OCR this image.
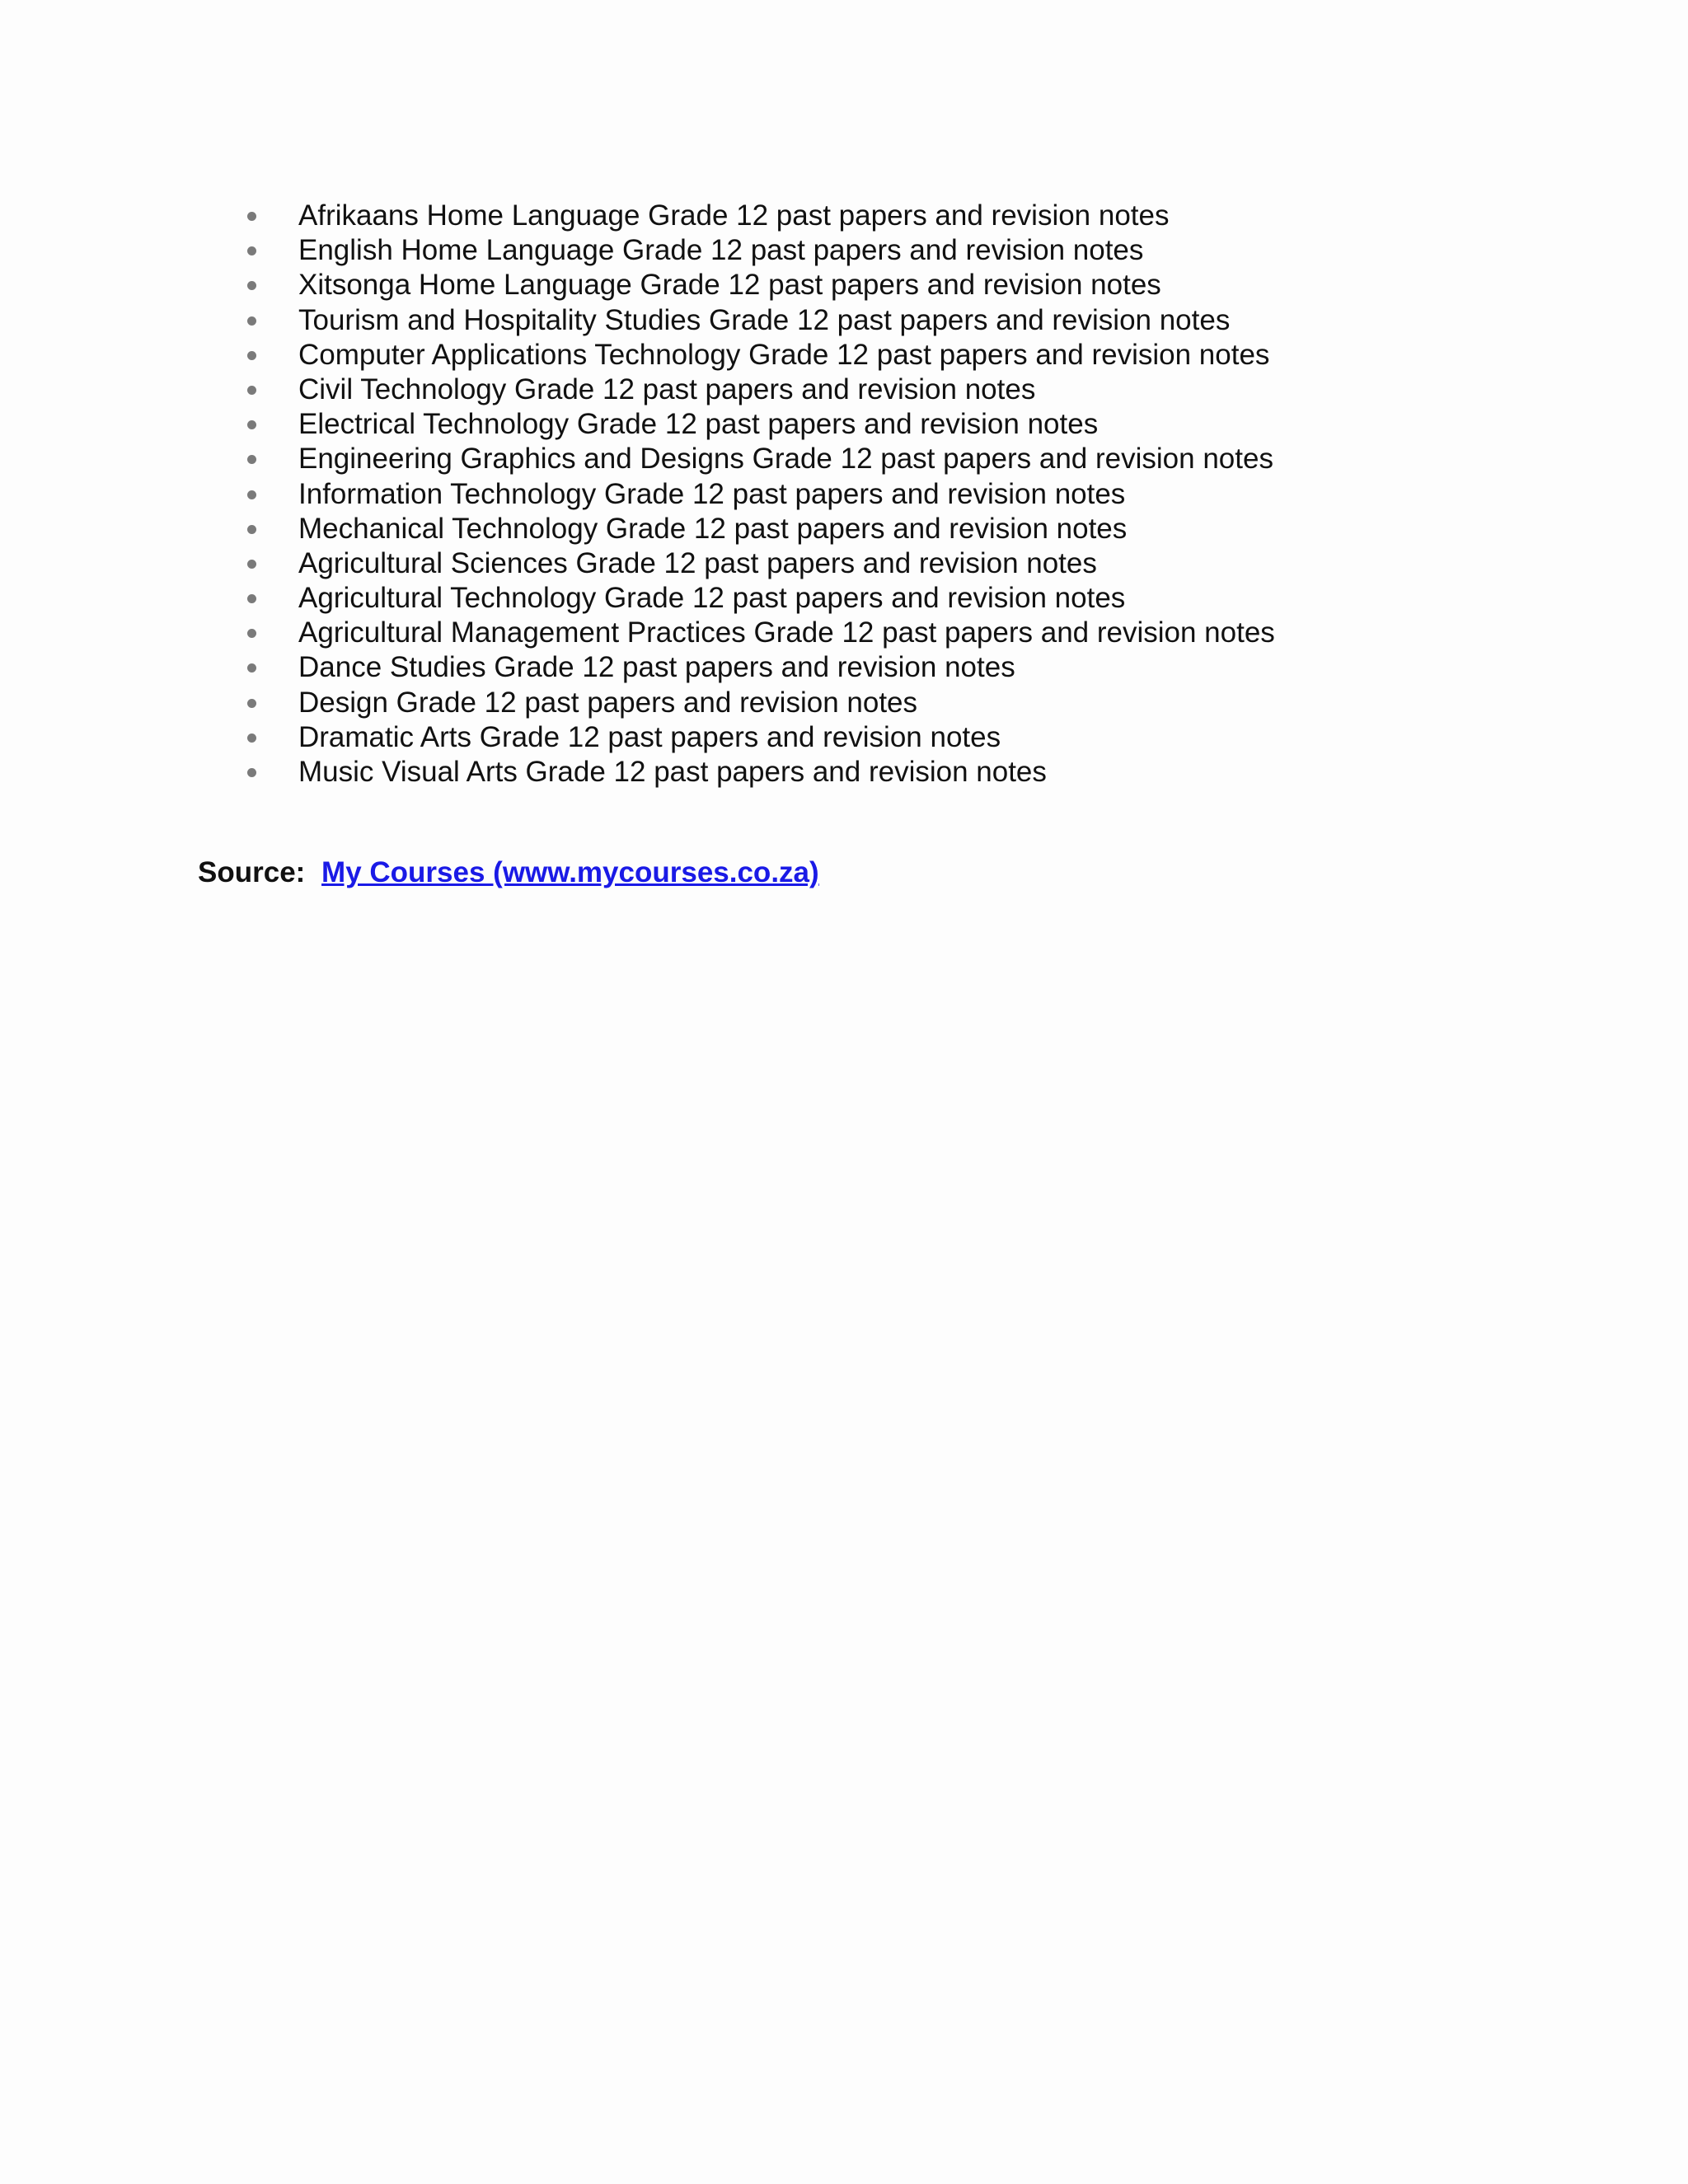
Afrikaans Home Language Grade 12 past papers and revision notes
English Home Language Grade 12 past papers and revision notes
Xitsonga Home Language Grade 12 past papers and revision notes
Tourism and Hospitality Studies Grade 12 past papers and revision notes
Computer Applications Technology Grade 12 past papers and revision notes
Civil Technology Grade 12 past papers and revision notes
Electrical Technology Grade 12 past papers and revision notes
Engineering Graphics and Designs Grade 12 past papers and revision notes
Information Technology Grade 12 past papers and revision notes
Mechanical Technology Grade 12 past papers and revision notes
Agricultural Sciences Grade 12 past papers and revision notes
Agricultural Technology Grade 12 past papers and revision notes
Agricultural Management Practices Grade 12 past papers and revision notes
Dance Studies Grade 12 past papers and revision notes
Design Grade 12 past papers and revision notes
Dramatic Arts Grade 12 past papers and revision notes
Music Visual Arts Grade 12 past papers and revision notes
Source: My Courses (www.mycourses.co.za)
